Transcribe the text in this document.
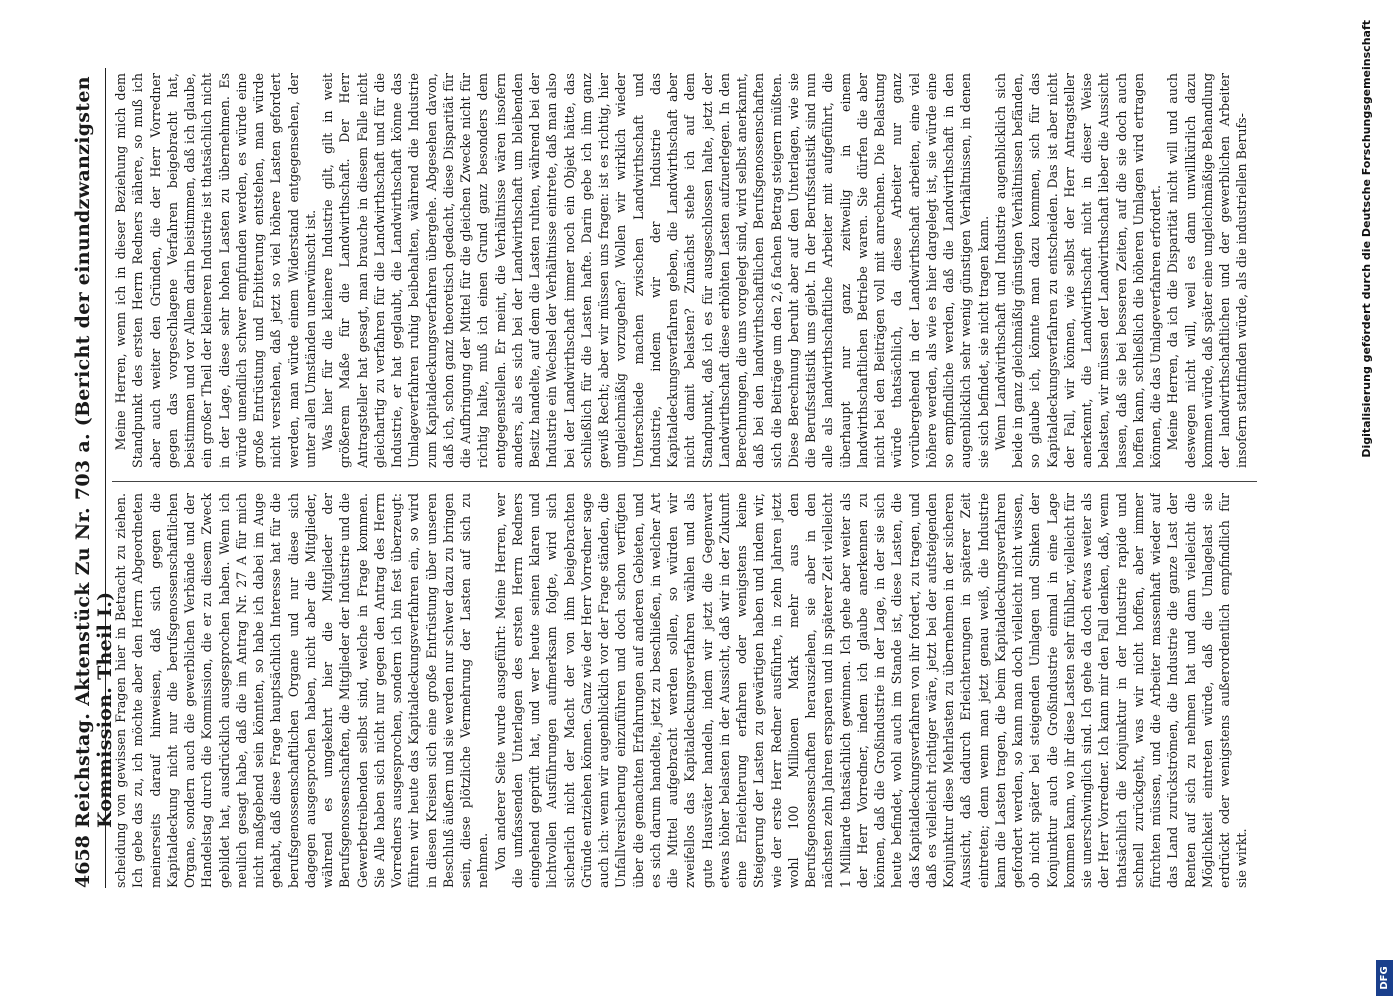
4658
Reichstag. Aktenstück Zu Nr. 703 a. (Bericht der einundzwanzigsten Kommission. Theil I.)

scheidung von gewissen Fragen hier in Betracht zu ziehen. Ich gebe das zu, ich möchte aber den Herrn Abgeordneten meinerseits darauf hinweisen, daß sich gegen die Kapitaldeckung nicht nur die berufsgenossenschaftlichen Organe, sondern auch die gewerblichen Verbände und der Handelstag durch die Kommission, die er zu diesem Zweck gebildet hat, ausdrücklich ausgesprochen haben. Wenn ich neulich gesagt habe, daß die im Antrag Nr. 27 A für mich nicht maßgebend sein könnten, so habe ich dabei im Auge gehabt, daß diese Frage hauptsächlich Interesse hat für die berufsgenossenschaftlichen Organe und nur diese sich dagegen ausgesprochen haben, nicht aber die Mitglieder, während es umgekehrt hier die Mitglieder der Berufsgenossenschaften, die Mitglieder der Industrie und die Gewerbetreibenden selbst sind, welche in Frage kommen. Sie Alle haben sich nicht nur gegen den Antrag des Herrn Vorredners ausgesprochen, sondern ich bin fest überzeugt: führen wir heute das Kapitaldeckungsverfahren ein, so wird in diesen Kreisen sich eine große Entrüstung über unseren Beschluß äußern und sie werden nur schwer dazu zu bringen sein, diese plötzliche Vermehrung der Lasten auf sich zu nehmen. Von anderer Seite wurde ausgeführt: Meine Herren, wer die umfassenden Unterlagen des ersten Herrn Redners eingehend geprüft hat, und wer heute seinen klaren und lichtvollen Ausführungen aufmerksam folgte, wird sich sicherlich nicht der Macht der von ihm beigebrachten Gründe entziehen können. Ganz wie der Herr Vorredner sage auch ich: wenn wir augenblicklich vor der Frage ständen, die Unfallversicherung einzuführen und doch schon verfügten über die gemachten Erfahrungen auf anderen Gebieten, und es sich darum handelte, jetzt zu beschließen, in welcher Art die Mittel aufgebracht werden sollen, so würden wir zweifellos das Kapitaldeckungsverfahren wählen und als gute Hausväter handeln, indem wir jetzt die Gegenwart etwas höher belasten in der Aussicht, daß wir in der Zukunft eine Erleichterung erfahren oder wenigstens keine Steigerung der Lasten zu gewärtigen haben und indem wir, wie der erste Herr Redner ausführte, in zehn Jahren jetzt wohl 100 Millionen Mark mehr aus den Berufsgenossenschaften herausziehen, sie aber in den nächsten zehn Jahren ersparen und in späterer Zeit vielleicht 1 Milliarde thatsächlich gewinnen. Ich gehe aber weiter als der Herr Vorredner, indem ich glaube anerkennen zu können, daß die Großindustrie in der Lage, in der sie sich heute befindet, wohl auch im Stande ist, diese Lasten, die das Kapitaldeckungsverfahren von ihr fordert, zu tragen, und daß es vielleicht richtiger wäre, jetzt bei der aufsteigenden Konjunktur diese Mehrlasten zu übernehmen in der sicheren Aussicht, daß dadurch Erleichterungen in späterer Zeit eintreten; denn wenn man jetzt genau weiß, die Industrie kann die Lasten tragen, die beim Kapitaldeckungsverfahren gefordert werden, so kann man doch vielleicht nicht wissen, ob nicht später bei steigenden Umlagen und Sinken der Konjunktur auch die Großindustrie einmal in eine Lage kommen kann, wo ihr diese Lasten sehr fühlbar, vielleicht für sie unerschwinglich sind. Ich gehe da doch etwas weiter als der Herr Vorredner. Ich kann mir den Fall denken, daß, wenn thatsächlich die Konjunktur in der Industrie rapide und schnell zurückgeht, was wir nicht hoffen, aber immer fürchten müssen, und die Arbeiter massenhaft wieder auf das Land zurückströmen, die Industrie die ganze Last der Renten auf sich zu nehmen hat und dann vielleicht die Möglichkeit eintreten würde, daß die Umlagelast sie erdrückt oder wenigstens außerordentlich empfindlich für sie wirkt.

Meine Herren, wenn ich in dieser Beziehung mich dem Standpunkt des ersten Herrn Redners nähere, so muß ich aber auch weiter den Gründen, die der Herr Vorredner gegen das vorgeschlagene Verfahren beigebracht hat, beistimmen und vor Allem darin beistimmen, daß ich glaube, ein großer Theil der kleineren Industrie ist thatsächlich nicht in der Lage, diese sehr hohen Lasten zu übernehmen. Es würde unendlich schwer empfunden werden, es würde eine große Entrüstung und Erbitterung entstehen, man würde nicht verstehen, daß jetzt so viel höhere Lasten gefordert werden, man würde einem Widerstand entgegensehen, der unter allen Umständen unerwünscht ist. Was hier für die kleinere Industrie gilt, gilt in weit größerem Maße für die Landwirthschaft. Der Herr Antragsteller hat gesagt, man brauche in diesem Falle nicht gleichartig zu verfahren für die Landwirthschaft und für die Industrie, er hat geglaubt, die Landwirthschaft könne das Umlageverfahren ruhig beibehalten, während die Industrie zum Kapitaldeckungsverfahren übergehe. Abgesehen davon, daß ich, schon ganz theoretisch gedacht, diese Disparität für die Aufbringung der Mittel für die gleichen Zwecke nicht für richtig halte, muß ich einen Grund ganz besonders dem entgegenstellen. Er meint, die Verhältnisse wären insofern anders, als es sich bei der Landwirthschaft um bleibenden Besitz handelte, auf dem die Lasten ruhten, während bei der Industrie ein Wechsel der Verhältnisse eintrete, daß man also bei der Landwirthschaft immer noch ein Objekt hätte, das schließlich für die Lasten hafte. Darin gebe ich ihm ganz gewiß Recht; aber wir müssen uns fragen: ist es richtig, hier ungleichmäßig vorzugehen? Wollen wir wirklich wieder Unterschiede machen zwischen Landwirthschaft und Industrie, indem wir der Industrie das Kapitaldeckungsverfahren geben, die Landwirthschaft aber nicht damit belasten? Zunächst stehe ich auf dem Standpunkt, daß ich es für ausgeschlossen halte, jetzt der Landwirthschaft diese erhöhten Lasten aufzuerlegen. In den Berechnungen, die uns vorgelegt sind, wird selbst anerkannt, daß bei den landwirthschaftlichen Berufsgenossenschaften sich die Beiträge um den 2,6 fachen Betrag steigern müßten. Diese Berechnung beruht aber auf den Unterlagen, wie sie die Berufsstatistik uns giebt. In der Berufsstatistik sind nun alle als landwirthschaftliche Arbeiter mit aufgeführt, die überhaupt nur ganz zeitweilig in einem landwirthschaftlichen Betriebe waren. Sie dürfen die aber nicht bei den Beiträgen voll mit anrechnen. Die Belastung würde thatsächlich, da diese Arbeiter nur ganz vorübergehend in der Landwirthschaft arbeiten, eine viel höhere werden, als wie es hier dargelegt ist, sie würde eine so empfindliche werden, daß die Landwirthschaft in den augenblicklich sehr wenig günstigen Verhältnissen, in denen sie sich befindet, sie nicht tragen kann. Wenn Landwirthschaft und Industrie augenblicklich sich beide in ganz gleichmäßig günstigen Verhältnissen befänden, so glaube ich, könnte man dazu kommen, sich für das Kapitaldeckungsverfahren zu entscheiden. Das ist aber nicht der Fall, wir können, wie selbst der Herr Antragsteller anerkennt, die Landwirthschaft nicht in dieser Weise belasten, wir müssen der Landwirthschaft lieber die Aussicht lassen, daß sie bei besseren Zeiten, auf die sie doch auch hoffen kann, schließlich die höheren Umlagen wird ertragen können, die das Umlageverfahren erfordert. Meine Herren, da ich die Disparität nicht will und auch deswegen nicht will, weil es dann unwillkürlich dazu kommen würde, daß später eine ungleichmäßige Behandlung der landwirthschaftlichen und der gewerblichen Arbeiter insofern stattfinden würde, als die industriellen Berufs-	Digitalisierung gefördert durch die Deutsche Forschungsgemeinschaft
DFG
